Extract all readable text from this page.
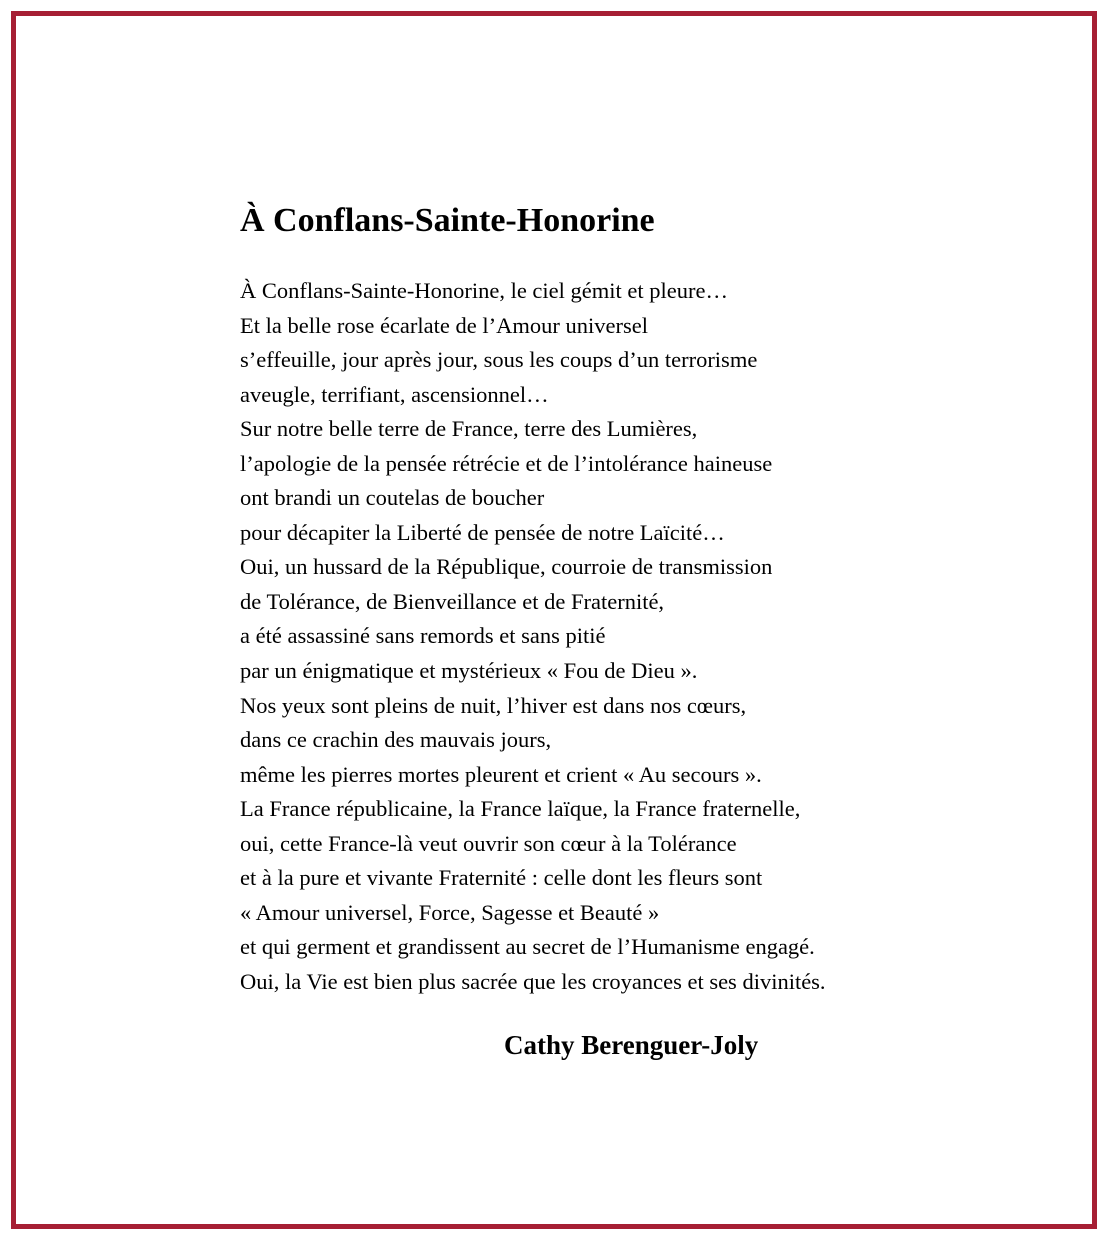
À Conflans-Sainte-Honorine
À Conflans-Sainte-Honorine, le ciel gémit et pleure…
Et la belle rose écarlate de l’Amour universel
s’effeuille, jour après jour, sous les coups d’un terrorisme
aveugle, terrifiant, ascensionnel…
Sur notre belle terre de France, terre des Lumières,
l’apologie de la pensée rétrécie et de l’intolérance haineuse
ont brandi un coutelas de boucher
pour décapiter la Liberté de pensée de notre Laïcité…
Oui, un hussard de la République, courroie de transmission
de Tolérance, de Bienveillance et de Fraternité,
a été assassiné sans remords et sans pitié
par un énigmatique et mystérieux « Fou de Dieu ».
Nos yeux sont pleins de nuit, l’hiver est dans nos cœurs,
dans ce crachin des mauvais jours,
même les pierres mortes pleurent et crient « Au secours ».
La France républicaine, la France laïque, la France fraternelle,
oui, cette France-là veut ouvrir son cœur à la Tolérance
et à la pure et vivante Fraternité : celle dont les fleurs sont
« Amour universel, Force, Sagesse et Beauté »
et qui germent et grandissent au secret de l’Humanisme engagé.
Oui, la Vie est bien plus sacrée que les croyances et ses divinités.

Cathy Berenguer-Joly
